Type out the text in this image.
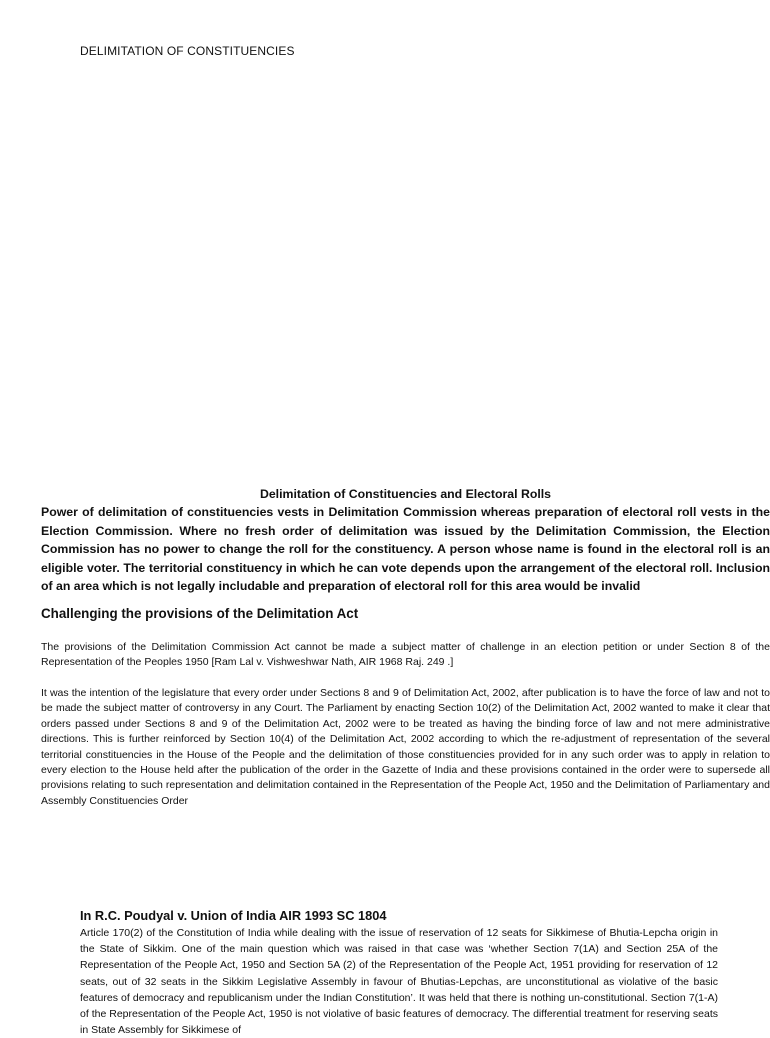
DELIMITATION OF CONSTITUENCIES
Delimitation of Constituencies and Electoral Rolls
Power of delimitation of constituencies vests in Delimitation Commission whereas preparation of electoral roll vests in the Election Commission. Where no fresh order of delimitation was issued by the Delimitation Commission, the Election Commission has no power to change the roll for the constituency. A person whose name is found in the electoral roll is an eligible voter. The territorial constituency in which he can vote depends upon the arrangement of the electoral roll. Inclusion of an area which is not legally includable and preparation of electoral roll for this area would be invalid
Challenging the provisions of the Delimitation Act
The provisions of the Delimitation Commission Act cannot be made a subject matter of challenge in an election petition or under Section 8 of the Representation of the Peoples 1950 [Ram Lal v. Vishweshwar Nath, AIR 1968 Raj. 249 .]
It was the intention of the legislature that every order under Sections 8 and 9 of Delimitation Act, 2002, after publication is to have the force of law and not to be made the subject matter of controversy in any Court. The Parliament by enacting Section 10(2) of the Delimitation Act, 2002 wanted to make it clear that orders passed under Sections 8 and 9 of the Delimitation Act, 2002 were to be treated as having the binding force of law and not mere administrative directions. This is further reinforced by Section 10(4) of the Delimitation Act, 2002 according to which the re-adjustment of representation of the several territorial constituencies in the House of the People and the delimitation of those constituencies provided for in any such order was to apply in relation to every election to the House held after the publication of the order in the Gazette of India and these provisions contained in the order were to supersede all provisions relating to such representation and delimitation contained in the Representation of the People Act, 1950 and the Delimitation of Parliamentary and Assembly Constituencies Order
In R.C. Poudyal v. Union of India AIR 1993 SC 1804
Article 170(2) of the Constitution of India while dealing with the issue of reservation of 12 seats for Sikkimese of Bhutia-Lepcha origin in the State of Sikkim. One of the main question which was raised in that case was ‘whether Section 7(1A) and Section 25A of the Representation of the People Act, 1950 and Section 5A (2) of the Representation of the People Act, 1951 providing for reservation of 12 seats, out of 32 seats in the Sikkim Legislative Assembly in favour of Bhutias-Lepchas, are unconstitutional as violative of the basic features of democracy and republicanism under the Indian Constitution’. It was held that there is nothing un-constitutional. Section 7(1-A) of the Representation of the People Act, 1950 is not violative of basic features of democracy. The differential treatment for reserving seats in State Assembly for Sikkimese of
